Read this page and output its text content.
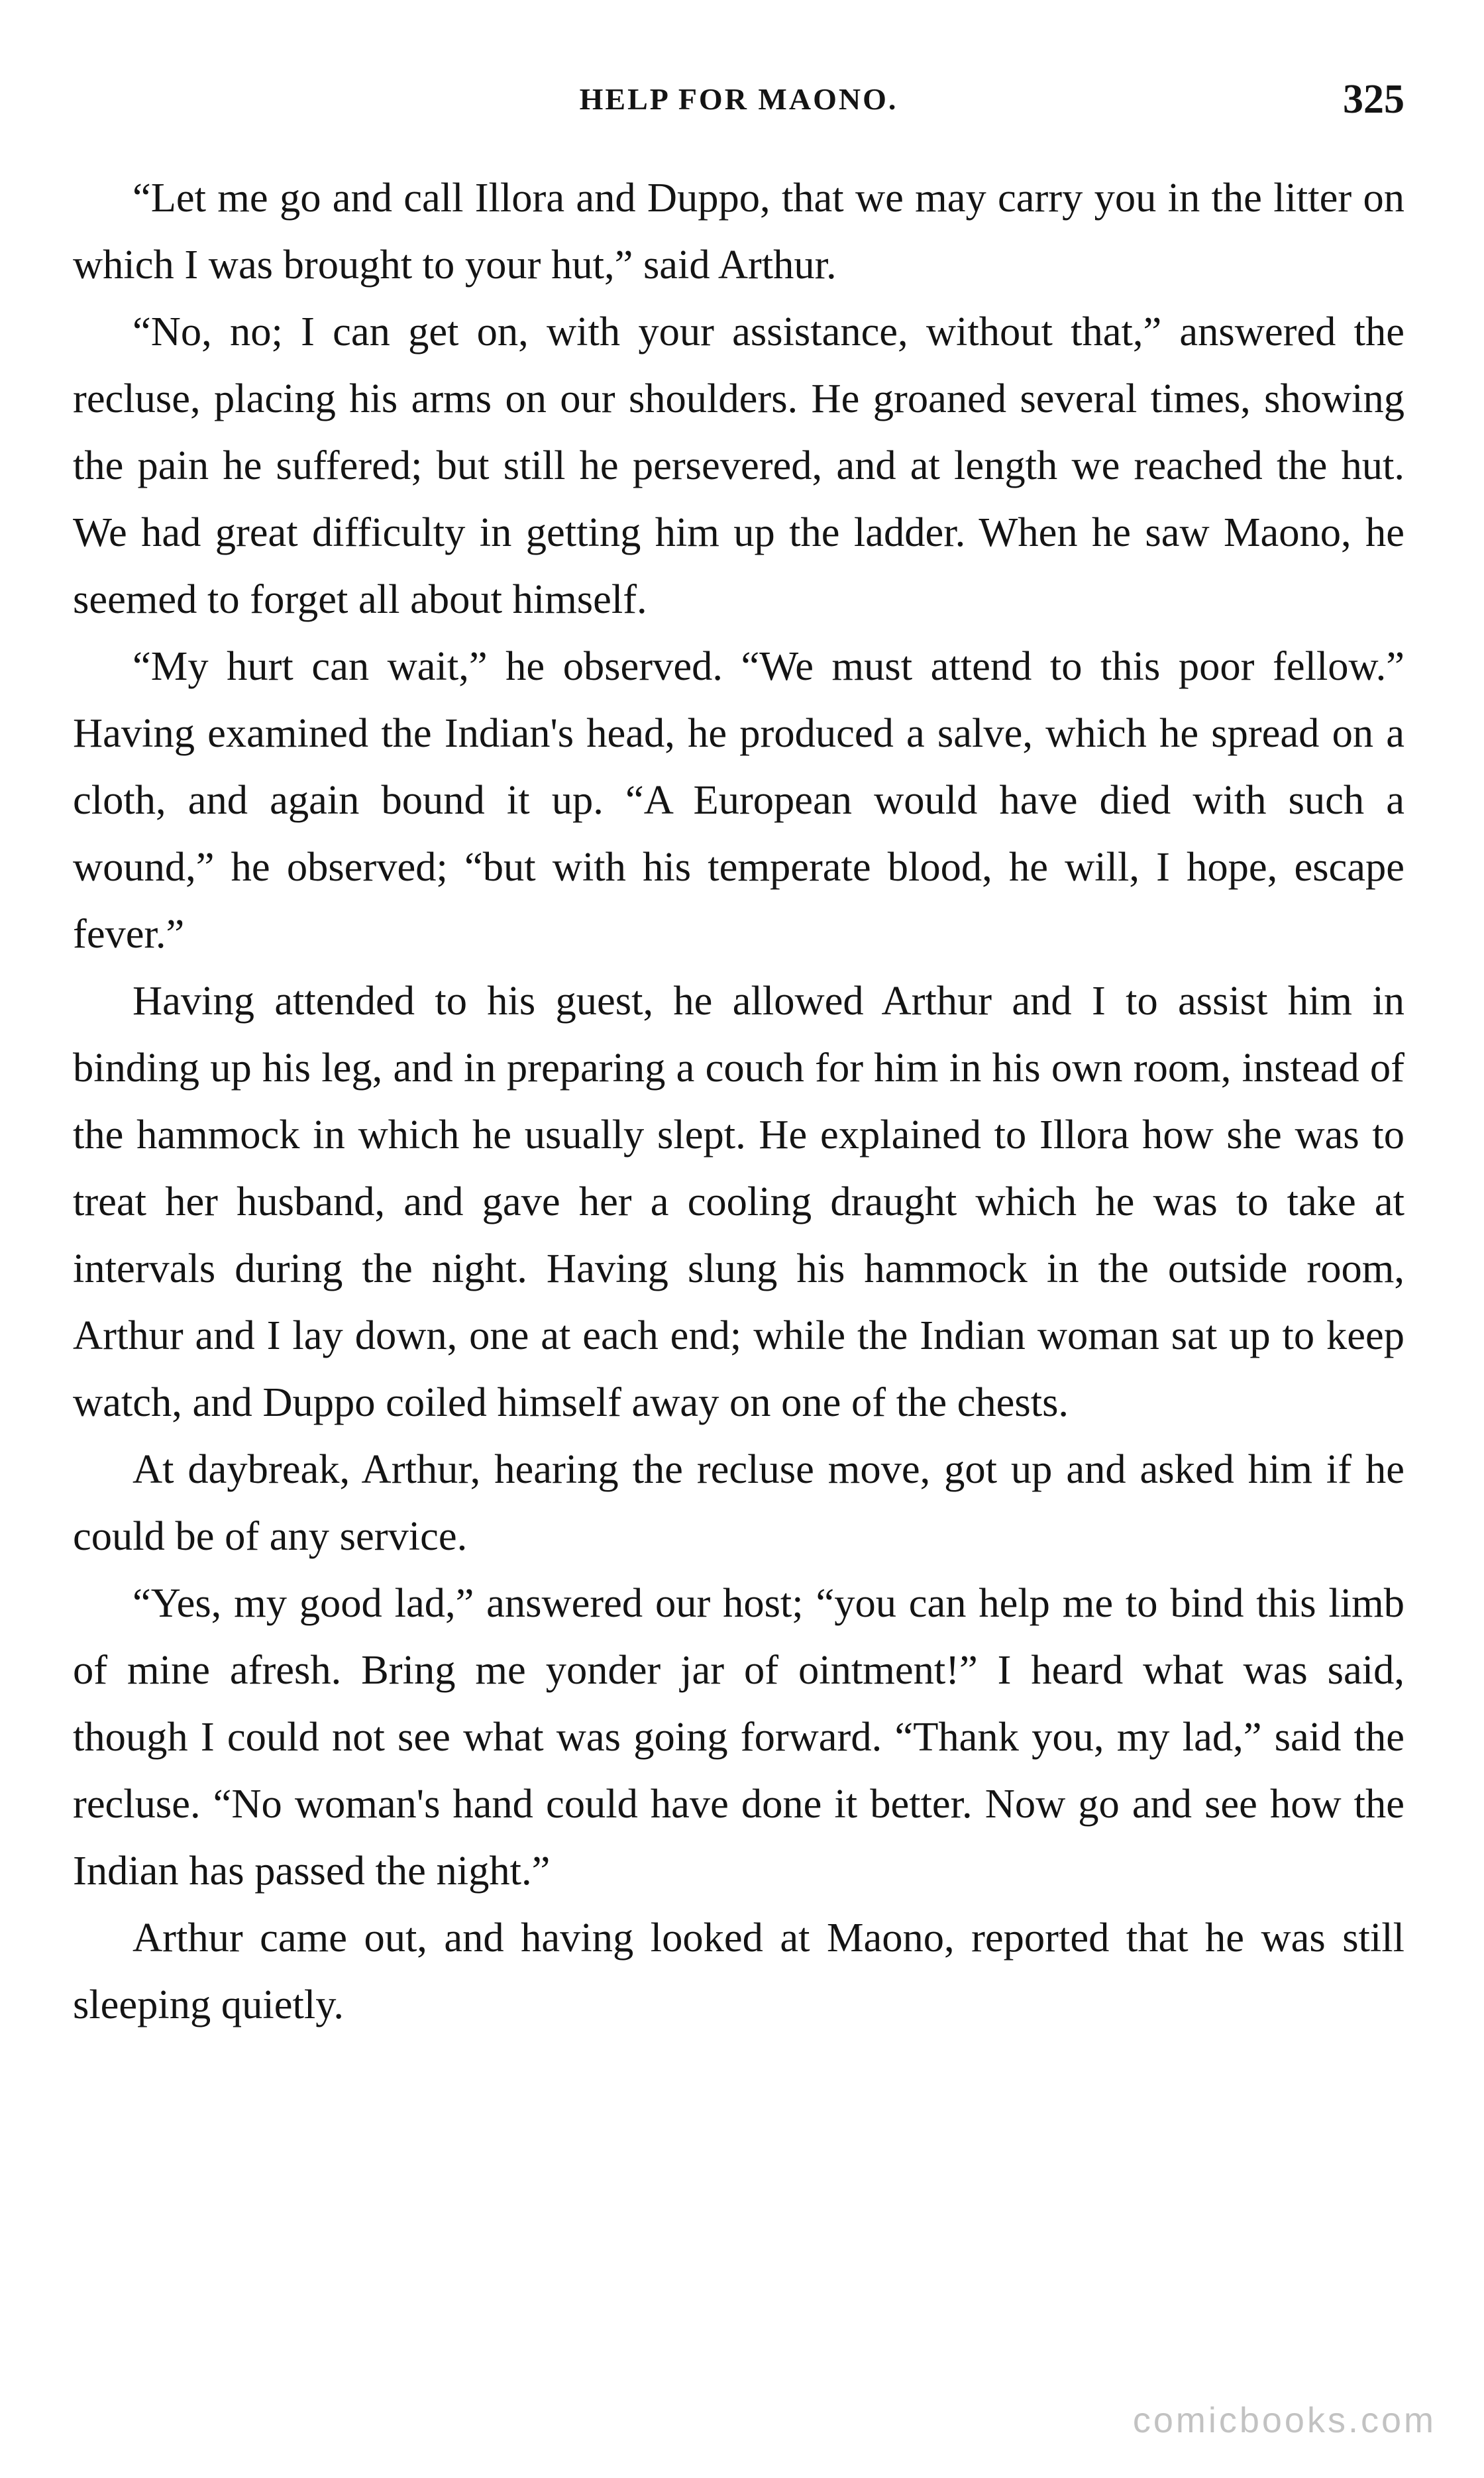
HELP FOR MAONO.	325

“Let me go and call Illora and Duppo, that we may carry you in the litter on which I was brought to your hut,” said Arthur.

“No, no; I can get on, with your assistance, without that,” answered the recluse, placing his arms on our shoulders. He groaned several times, showing the pain he suffered; but still he persevered, and at length we reached the hut. We had great difficulty in getting him up the ladder. When he saw Maono, he seemed to forget all about himself.

“My hurt can wait,” he observed. “We must attend to this poor fellow.” Having examined the Indian's head, he produced a salve, which he spread on a cloth, and again bound it up. “A European would have died with such a wound,” he observed; “but with his temperate blood, he will, I hope, escape fever.”

Having attended to his guest, he allowed Arthur and I to assist him in binding up his leg, and in preparing a couch for him in his own room, instead of the hammock in which he usually slept. He explained to Illora how she was to treat her husband, and gave her a cooling draught which he was to take at intervals during the night. Having slung his hammock in the outside room, Arthur and I lay down, one at each end; while the Indian woman sat up to keep watch, and Duppo coiled himself away on one of the chests.

At daybreak, Arthur, hearing the recluse move, got up and asked him if he could be of any service.

“Yes, my good lad,” answered our host; “you can help me to bind this limb of mine afresh. Bring me yonder jar of ointment!” I heard what was said, though I could not see what was going forward. “Thank you, my lad,” said the recluse. “No woman's hand could have done it better. Now go and see how the Indian has passed the night.”

Arthur came out, and having looked at Maono, reported that he was still sleeping quietly.

comicbooks.com
